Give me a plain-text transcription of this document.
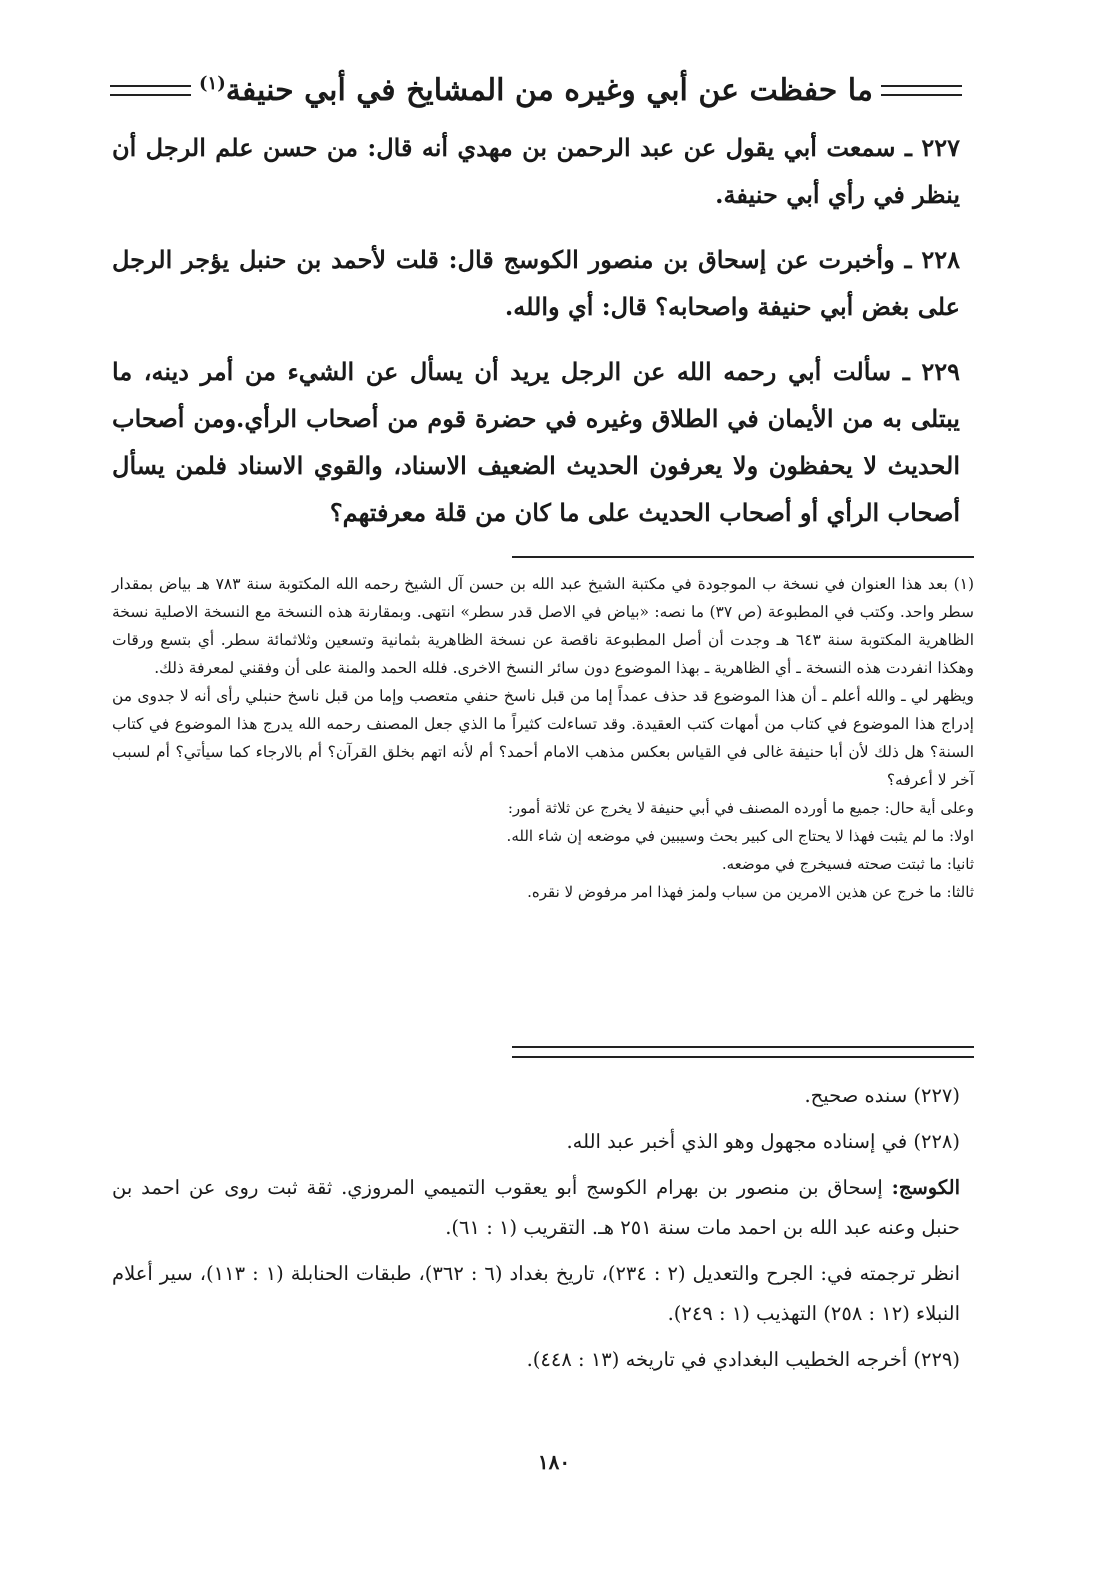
ما حفظت عن أبي وغيره من المشايخ في أبي حنيفة$^{(١)}$

٢٢٧ ـ سمعت أبي يقول عن عبد الرحمن بن مهدي أنه قال: من حسن علم الرجل أن ينظر في رأي أبي حنيفة.

٢٢٨ ـ وأخبرت عن إسحاق بن منصور الكوسج قال: قلت لأحمد بن حنبل يؤجر الرجل على بغض أبي حنيفة واصحابه؟ قال: أي والله.

٢٢٩ ـ سألت أبي رحمه الله عن الرجل يريد أن يسأل عن الشيء من أمر دينه، ما يبتلى به من الأيمان في الطلاق وغيره في حضرة قوم من أصحاب الرأي.ومن أصحاب الحديث لا يحفظون ولا يعرفون الحديث الضعيف الاسناد، والقوي الاسناد فلمن يسأل أصحاب الرأي أو أصحاب الحديث على ما كان من قلة معرفتهم؟

(١) بعد هذا العنوان في نسخة ب الموجودة في مكتبة الشيخ عبد الله بن حسن آل الشيخ رحمه الله المكتوبة سنة ٧٨٣ هـ بياض بمقدار سطر واحد. وكتب في المطبوعة (ص ٣٧) ما نصه: «بياض في الاصل قدر سطر» انتهى. وبمقارنة هذه النسخة مع النسخة الاصلية نسخة الظاهرية المكتوبة سنة ٦٤٣ هـ وجدت أن أصل المطبوعة ناقصة عن نسخة الظاهرية بثمانية وتسعين وثلاثمائة سطر. أي بتسع ورقات وهكذا انفردت هذه النسخة ـ أي الظاهرية ـ بهذا الموضوع دون سائر النسخ الاخرى. فلله الحمد والمنة على أن وفقني لمعرفة ذلك.

ويظهر لي ـ والله أعلم ـ أن هذا الموضوع قد حذف عمداً إما من قبل ناسخ حنفي متعصب وإما من قبل ناسخ حنبلي رأى أنه لا جدوى من إدراج هذا الموضوع في كتاب من أمهات كتب العقيدة. وقد تساءلت كثيراً ما الذي جعل المصنف رحمه الله يدرج هذا الموضوع في كتاب السنة؟ هل ذلك لأن أبا حنيفة غالى في القياس بعكس مذهب الامام أحمد؟ أم لأنه اتهم بخلق القرآن؟ أم بالارجاء كما سيأتي؟ أم لسبب آخر لا أعرفه؟

وعلى أية حال: جميع ما أورده المصنف في أبي حنيفة لا يخرج عن ثلاثة أمور:

اولا: ما لم يثبت فهذا لا يحتاج الى كبير بحث وسيبين في موضعه إن شاء الله.

ثانيا: ما ثبتت صحته فسيخرج في موضعه.

ثالثا: ما خرج عن هذين الامرين من سباب ولمز فهذا امر مرفوض لا نقره.

(٢٢٧) سنده صحيح.

(٢٢٨) في إسناده مجهول وهو الذي أخبر عبد الله.

الكوسج: إسحاق بن منصور بن بهرام الكوسج أبو يعقوب التميمي المروزي. ثقة ثبت روى عن احمد بن حنبل وعنه عبد الله بن احمد مات سنة ٢٥١ هـ. التقريب (١ : ٦١).

انظر ترجمته في: الجرح والتعديل (٢ : ٢٣٤)، تاريخ بغداد (٦ : ٣٦٢)، طبقات الحنابلة (١ : ١١٣)، سير أعلام النبلاء (١٢ : ٢٥٨) التهذيب (١ : ٢٤٩).

(٢٢٩) أخرجه الخطيب البغدادي في تاريخه (١٣ : ٤٤٨).

١٨٠
